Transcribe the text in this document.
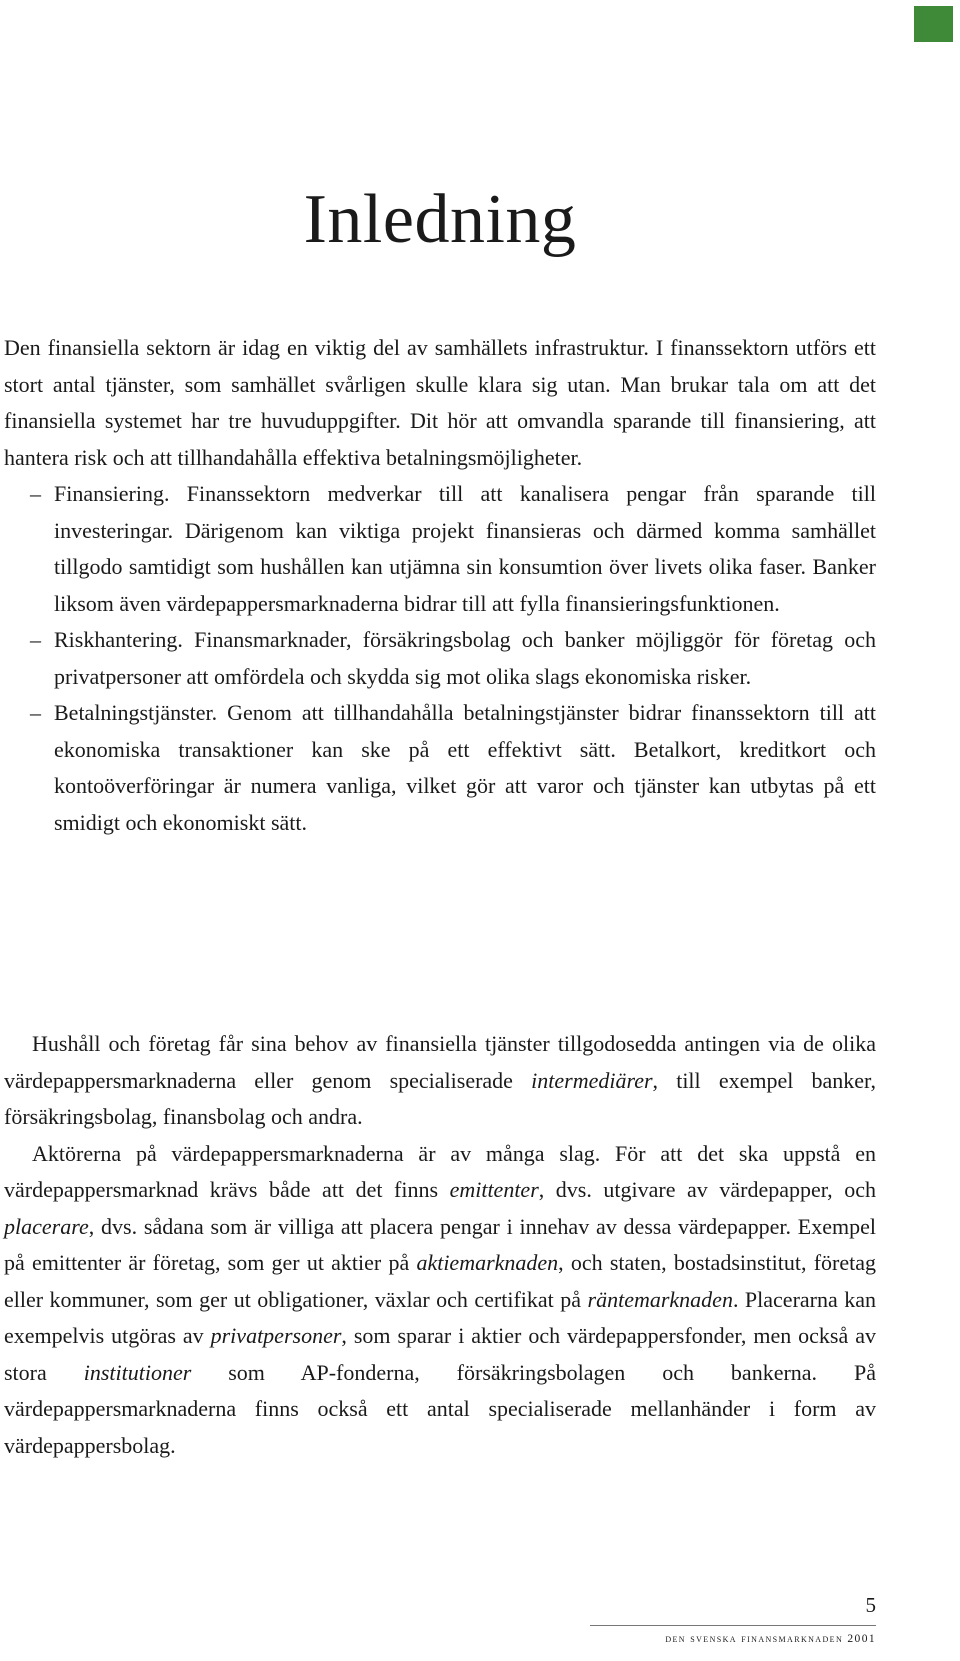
Inledning

Den finansiella sektorn är idag en viktig del av samhällets infrastruktur. I finanssektorn utförs ett stort antal tjänster, som samhället svårligen skulle klara sig utan. Man brukar tala om att det finansiella systemet har tre huvuduppgifter. Dit hör att omvandla sparande till finansiering, att hantera risk och att tillhandahålla effektiva betalningsmöjligheter.

– Finansiering. Finanssektorn medverkar till att kanalisera pengar från sparande till investeringar. Därigenom kan viktiga projekt finansieras och därmed komma samhället tillgodo samtidigt som hushållen kan utjämna sin konsumtion över livets olika faser. Banker liksom även värdepappersmarknaderna bidrar till att fylla finansieringsfunktionen.
– Riskhantering. Finansmarknader, försäkringsbolag och banker möjliggör för företag och privatpersoner att omfördela och skydda sig mot olika slags ekonomiska risker.
– Betalningstjänster. Genom att tillhandahålla betalningstjänster bidrar finanssektorn till att ekonomiska transaktioner kan ske på ett effektivt sätt. Betalkort, kreditkort och kontoöverföringar är numera vanliga, vilket gör att varor och tjänster kan utbytas på ett smidigt och ekonomiskt sätt.

Hushåll och företag får sina behov av finansiella tjänster tillgodosedda antingen via de olika värdepappersmarknaderna eller genom specialiserade intermediärer, till exempel banker, försäkringsbolag, finansbolag och andra.

Aktörerna på värdepappersmarknaderna är av många slag. För att det ska uppstå en värdepappersmarknad krävs både att det finns emittenter, dvs. utgivare av värdepapper, och placerare, dvs. sådana som är villiga att placera pengar i innehav av dessa värdepapper. Exempel på emittenter är företag, som ger ut aktier på aktiemarknaden, och staten, bostadsinstitut, företag eller kommuner, som ger ut obligationer, växlar och certifikat på räntemarknaden. Placerarna kan exempelvis utgöras av privatpersoner, som sparar i aktier och värdepappersfonder, men också av stora institutioner som AP-fonderna, försäkringsbolagen och bankerna. På värdepappersmarknaderna finns också ett antal specialiserade mellanhänder i form av värdepappersbolag.

5
den svenska finansmarknaden 2001
